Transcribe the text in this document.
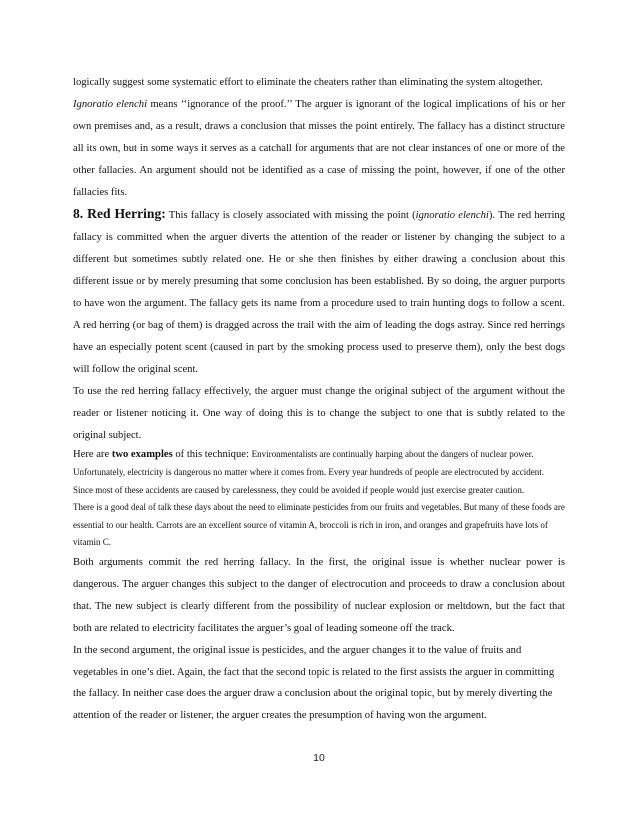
logically suggest some systematic effort to eliminate the cheaters rather than eliminating the system altogether.

Ignoratio elenchi means ‘‘ignorance of the proof.’’ The arguer is ignorant of the logical implications of his or her own premises and, as a result, draws a conclusion that misses the point entirely. The fallacy has a distinct structure all its own, but in some ways it serves as a catchall for arguments that are not clear instances of one or more of the other fallacies. An argument should not be identified as a case of missing the point, however, if one of the other fallacies fits.

8. Red Herring: This fallacy is closely associated with missing the point (ignoratio elenchi). The red herring fallacy is committed when the arguer diverts the attention of the reader or listener by changing the subject to a different but sometimes subtly related one. He or she then finishes by either drawing a conclusion about this different issue or by merely presuming that some conclusion has been established. By so doing, the arguer purports to have won the argument. The fallacy gets its name from a procedure used to train hunting dogs to follow a scent. A red herring (or bag of them) is dragged across the trail with the aim of leading the dogs astray. Since red herrings have an especially potent scent (caused in part by the smoking process used to preserve them), only the best dogs will follow the original scent.

To use the red herring fallacy effectively, the arguer must change the original subject of the argument without the reader or listener noticing it. One way of doing this is to change the subject to one that is subtly related to the original subject.

Here are two examples of this technique: Environmentalists are continually harping about the dangers of nuclear power. Unfortunately, electricity is dangerous no matter where it comes from. Every year hundreds of people are electrocuted by accident. Since most of these accidents are caused by carelessness, they could be avoided if people would just exercise greater caution.

There is a good deal of talk these days about the need to eliminate pesticides from our fruits and vegetables. But many of these foods are essential to our health. Carrots are an excellent source of vitamin A, broccoli is rich in iron, and oranges and grapefruits have lots of vitamin C.

Both arguments commit the red herring fallacy. In the first, the original issue is whether nuclear power is dangerous. The arguer changes this subject to the danger of electrocution and proceeds to draw a conclusion about that. The new subject is clearly different from the possibility of nuclear explosion or meltdown, but the fact that both are related to electricity facilitates the arguer’s goal of leading someone off the track.

In the second argument, the original issue is pesticides, and the arguer changes it to the value of fruits and vegetables in one’s diet. Again, the fact that the second topic is related to the first assists the arguer in committing the fallacy. In neither case does the arguer draw a conclusion about the original topic, but by merely diverting the attention of the reader or listener, the arguer creates the presumption of having won the argument.

10
